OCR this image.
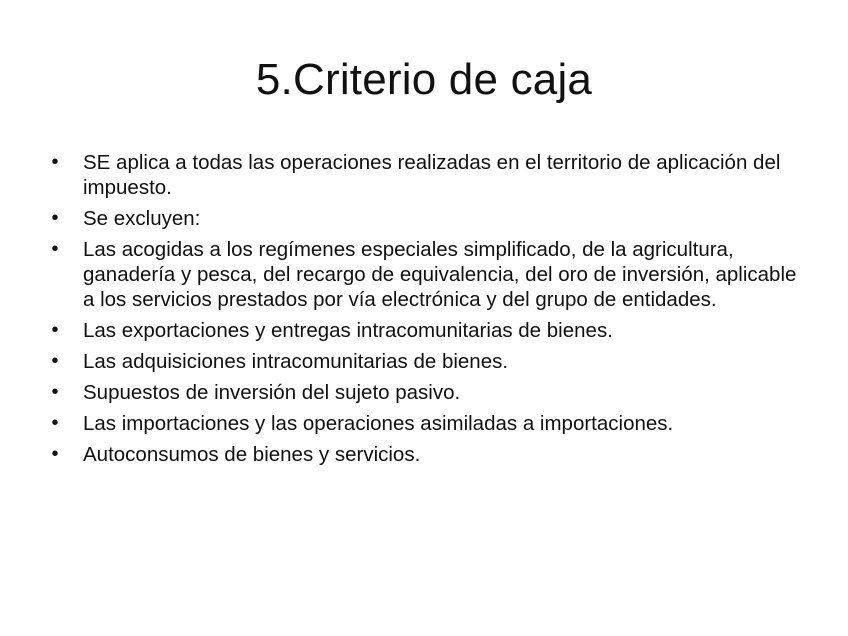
5.Criterio de caja
• SE aplica a todas las operaciones realizadas en el territorio de aplicación del impuesto.
• Se excluyen:
• Las acogidas a los regímenes especiales simplificado, de la agricultura, ganadería y pesca, del recargo de equivalencia, del oro de inversión, aplicable a los servicios prestados por vía electrónica y del grupo de entidades.
• Las exportaciones y entregas intracomunitarias de bienes.
• Las adquisiciones intracomunitarias de bienes.
• Supuestos de inversión del sujeto pasivo.
• Las importaciones y las operaciones asimiladas a importaciones.
• Autoconsumos de bienes y servicios.
